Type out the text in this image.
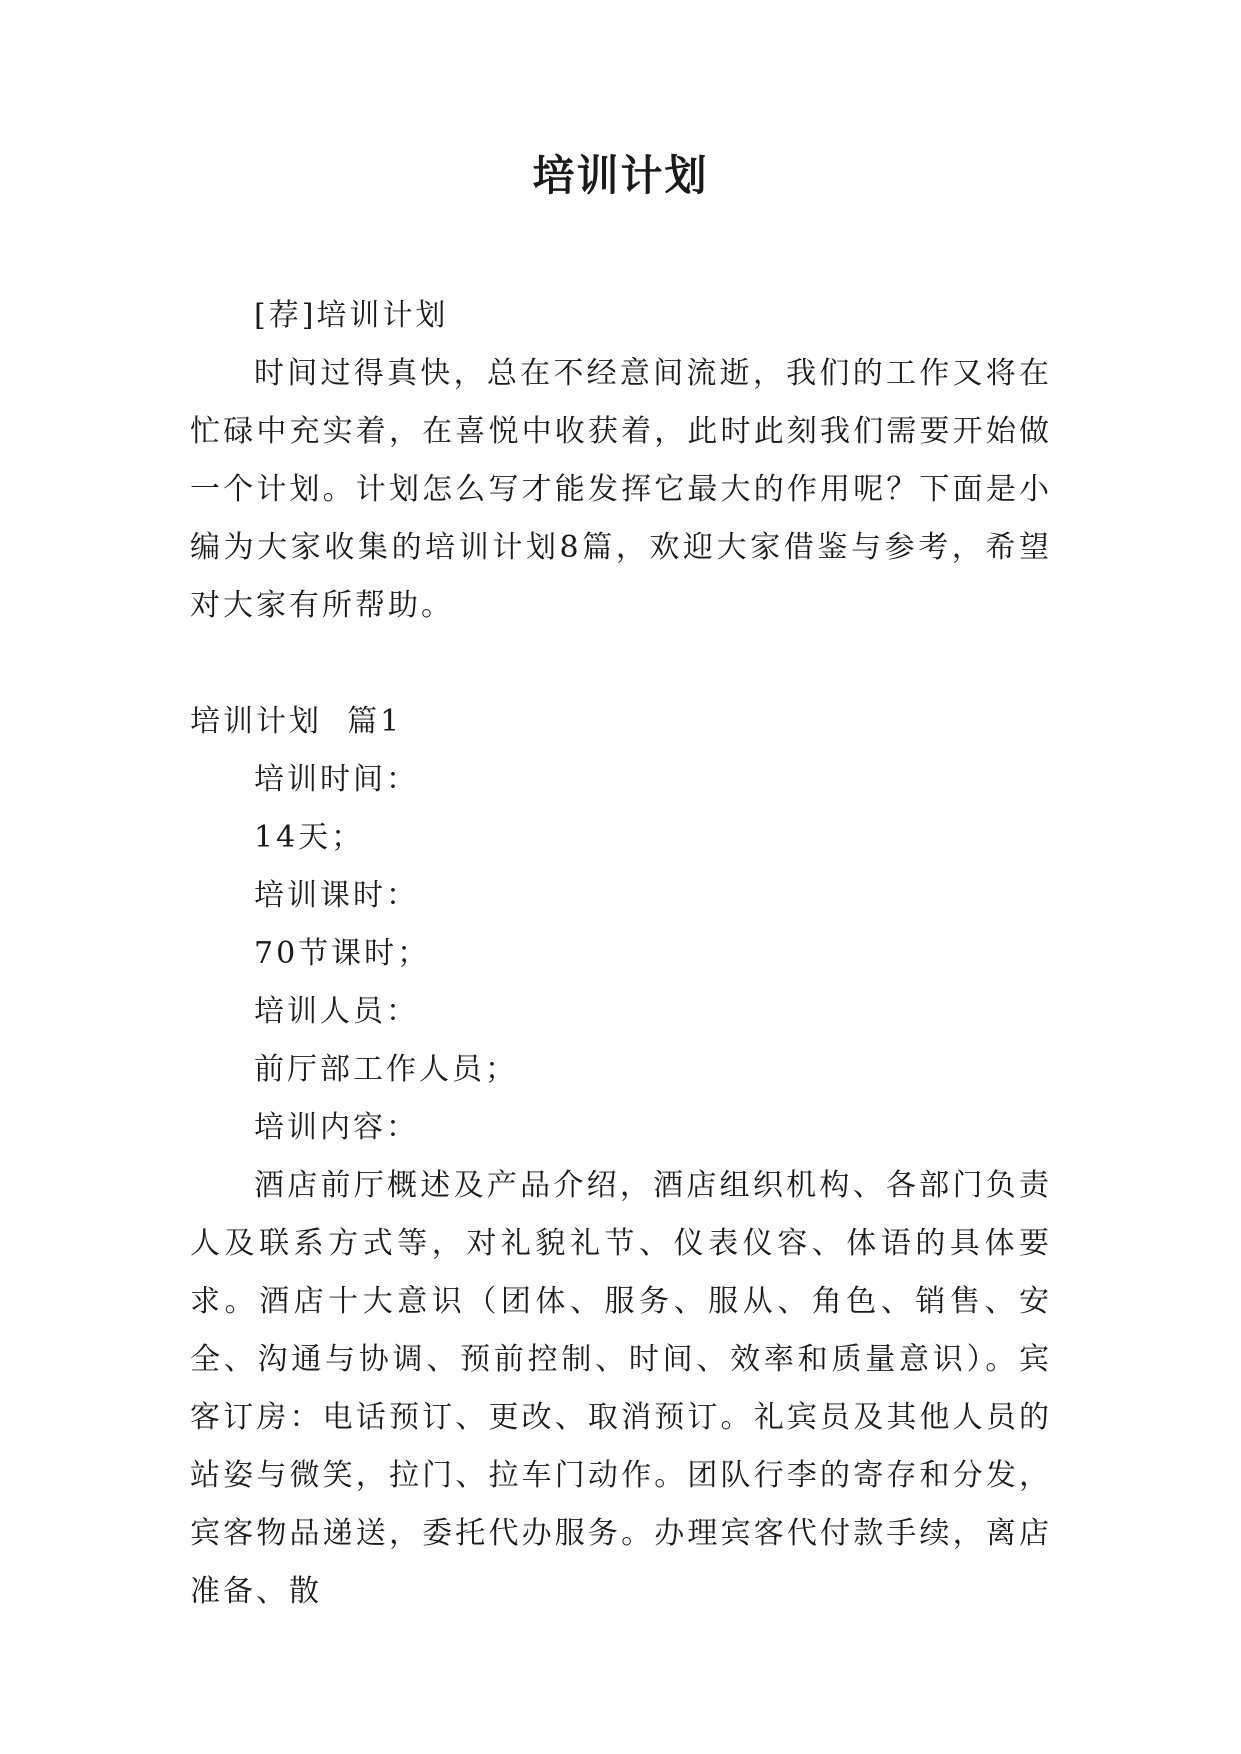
培训计划

[荐]培训计划

时间过得真快，总在不经意间流逝，我们的工作又将在忙碌中充实着，在喜悦中收获着，此时此刻我们需要开始做一个计划。计划怎么写才能发挥它最大的作用呢？下面是小编为大家收集的培训计划8篇，欢迎大家借鉴与参考，希望对大家有所帮助。

培训计划  篇1

培训时间：

14天；

培训课时：

70节课时；

培训人员：

前厅部工作人员；

培训内容：

酒店前厅概述及产品介绍，酒店组织机构、各部门负责人及联系方式等，对礼貌礼节、仪表仪容、体语的具体要求。酒店十大意识（团体、服务、服从、角色、销售、安全、沟通与协调、预前控制、时间、效率和质量意识）。宾客订房：电话预订、更改、取消预订。礼宾员及其他人员的站姿与微笑，拉门、拉车门动作。团队行李的寄存和分发，宾客物品递送，委托代办服务。办理宾客代付款手续，离店准备、散
